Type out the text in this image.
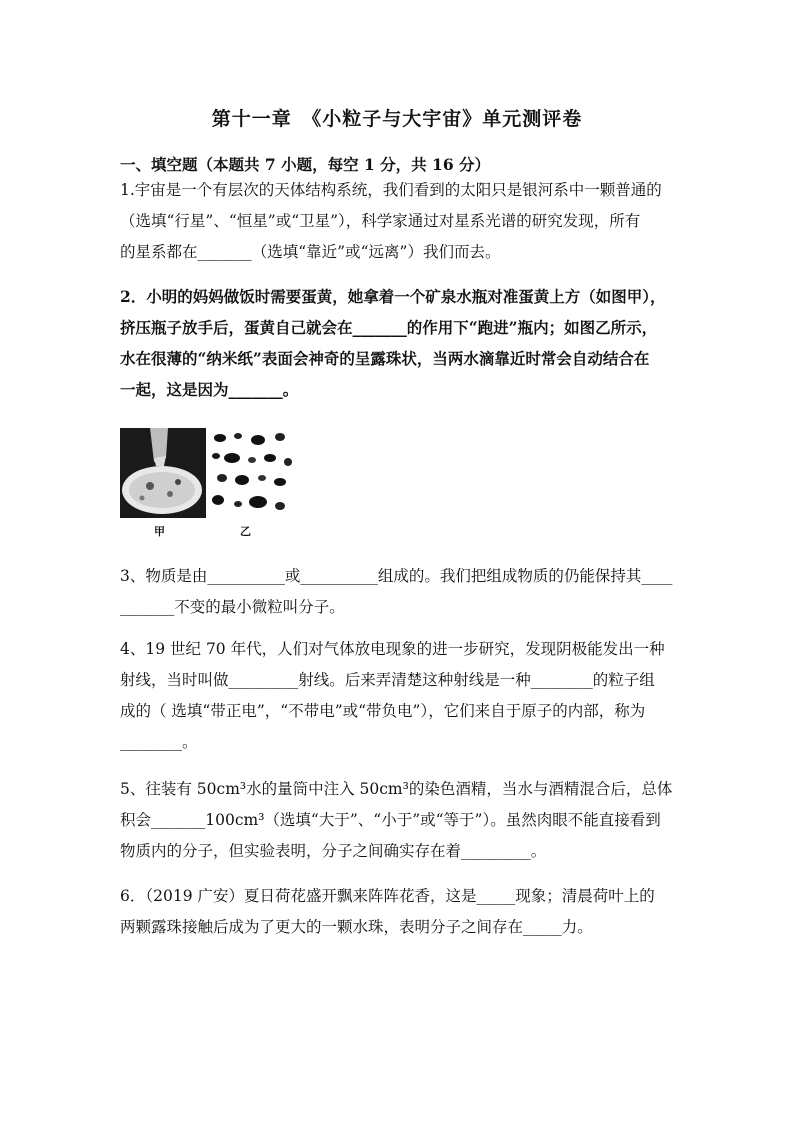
第十一章　《小粒子与大宇宙》单元测评卷
一、填空题（本题共 7 小题，每空 1 分，共 16 分）

1.宇宙是一个有层次的天体结构系统，我们看到的太阳只是银河系中一颗普通的

（选填“行星”、“恒星”或“卫星”），科学家通过对星系光谱的研究发现，所有

的星系都在_______（选填“靠近”或“远离”）我们而去。

2．小明的妈妈做饭时需要蛋黄，她拿着一个矿泉水瓶对准蛋黄上方（如图甲），

挤压瓶子放手后，蛋黄自己就会在_______的作用下“跑进”瓶内；如图乙所示，

水在很薄的“纳米纸”表面会神奇的呈露珠状，当两水滴靠近时常会自动结合在

一起，这是因为_______。

甲	乙

3、物质是由__________或__________组成的。我们把组成物质的仍能保持其____

_______不变的最小微粒叫分子。

4、19 世纪 70 年代，人们对气体放电现象的进一步研究，发现阴极能发出一种

射线，当时叫做_________射线。后来弄清楚这种射线是一种________的粒子组

成的（ 选填“带正电”，“不带电”或“带负电”），它们来自于原子的内部，称为

________。

5、往装有 50cm³水的量筒中注入 50cm³的染色酒精，当水与酒精混合后，总体

积会_______100cm³（选填“大于”、“小于”或“等于”）。虽然肉眼不能直接看到

物质内的分子，但实验表明，分子之间确实存在着_________。

6．（2019 广安）夏日荷花盛开飘来阵阵花香，这是_____现象；清晨荷叶上的

两颗露珠接触后成为了更大的一颗水珠，表明分子之间存在_____力。
